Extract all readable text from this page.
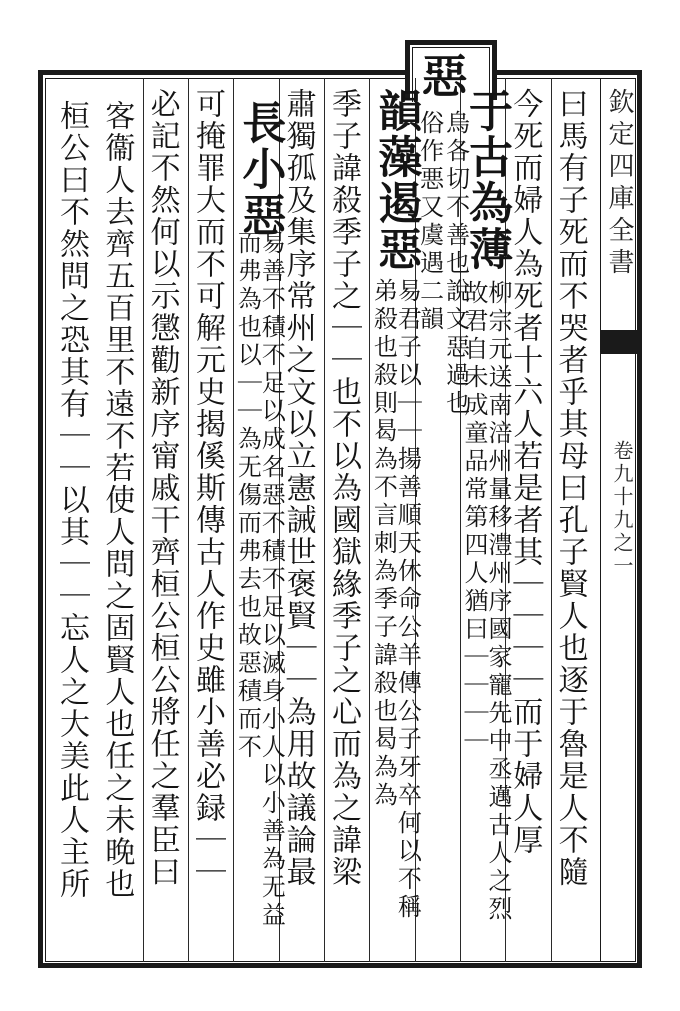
欽定四庫全書
卷九十九之一
曰馬有子死而不哭者乎其母曰孔子賢人也逐于魯是人不隨
今死而婦人為死者十六人若是者其｜｜｜｜而于婦人厚
于古為薄
柳宗元送南涪州量移澧州序國家寵先中丞邁古人之烈故君自未成童品常第四人猶曰｜｜｜｜
惡
烏各切不善也說文惡過也俗作悪又虞遇二韻
韻藻遏惡
易君子以｜｜揚善順天休命公羊傳公子牙卒何以不稱弟殺也殺則曷為不言刺為季子諱殺也曷為為
季子諱殺季子之｜｜也不以為國獄緣季子之心而為之諱梁
肅獨孤及集序常州之文以立憲誡世褒賢｜｜為用故議論最
長小惡
易善不積不足以成名惡不積不足以滅身小人以小善為无益而弗為也以｜｜為无傷而弗去也故惡積而不
可掩罪大而不可解元史揭傒斯傳古人作史雖小善必録｜｜
必記不然何以示懲勸新序甯戚干齊桓公桓公將任之羣臣曰
客衞人去齊五百里不遠不若使人問之固賢人也任之未晚也
桓公曰不然問之恐其有｜｜以其｜｜忘人之大美此人主所
